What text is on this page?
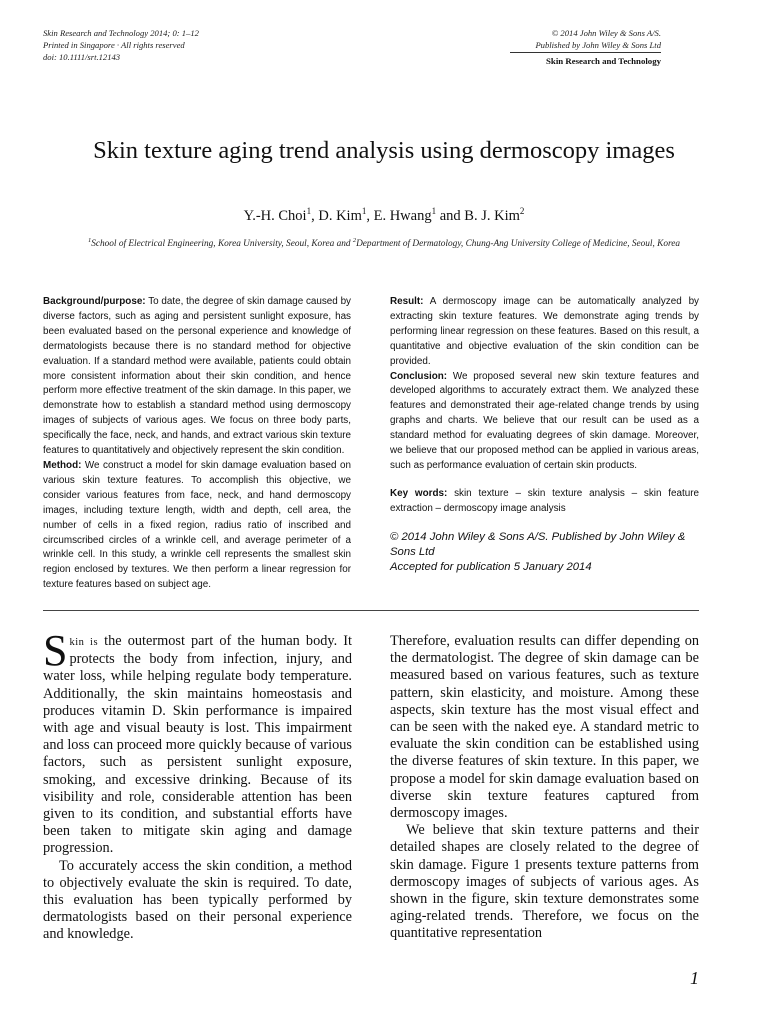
Skin Research and Technology 2014; 0: 1–12
Printed in Singapore · All rights reserved
doi: 10.1111/srt.12143
© 2014 John Wiley & Sons A/S.
Published by John Wiley & Sons Ltd
Skin Research and Technology
Skin texture aging trend analysis using dermoscopy images
Y.-H. Choi$^1$, D. Kim$^1$, E. Hwang$^1$ and B. J. Kim$^2$
$^1$School of Electrical Engineering, Korea University, Seoul, Korea and $^2$Department of Dermatology, Chung-Ang University College of Medicine, Seoul, Korea

Background/purpose: To date, the degree of skin damage caused by diverse factors, such as aging and persistent sunlight exposure, has been evaluated based on the personal experience and knowledge of dermatologists because there is no standard method for objective evaluation. If a standard method were available, patients could obtain more consistent information about their skin condition, and hence perform more effective treatment of the skin damage. In this paper, we demonstrate how to establish a standard method using dermoscopy images of subjects of various ages. We focus on three body parts, specifically the face, neck, and hands, and extract various skin texture features to quantitatively and objectively represent the skin condition.

Method: We construct a model for skin damage evaluation based on various skin texture features. To accomplish this objective, we consider various features from face, neck, and hand dermoscopy images, including texture length, width and depth, cell area, the number of cells in a fixed region, radius ratio of inscribed and circumscribed circles of a wrinkle cell, and average perimeter of a wrinkle cell. In this study, a wrinkle cell represents the smallest skin region enclosed by textures. We then perform a linear regression for texture features based on subject age.

Result: A dermoscopy image can be automatically analyzed by extracting skin texture features. We demonstrate aging trends by performing linear regression on these features. Based on this result, a quantitative and objective evaluation of the skin condition can be provided.

Conclusion: We proposed several new skin texture features and developed algorithms to accurately extract them. We analyzed these features and demonstrated their age-related change trends by using graphs and charts. We believe that our result can be used as a standard method for evaluating degrees of skin damage. Moreover, we believe that our proposed method can be applied in various areas, such as performance evaluation of certain skin products.

Key words: skin texture – skin texture analysis – skin feature extraction – dermoscopy image analysis

© 2014 John Wiley & Sons A/S. Published by John Wiley & Sons Ltd
Accepted for publication 5 January 2014

Skin is the outermost part of the human body. It protects the body from infection, injury, and water loss, while helping regulate body temperature. Additionally, the skin maintains homeostasis and produces vitamin D. Skin performance is impaired with age and visual beauty is lost. This impairment and loss can proceed more quickly because of various factors, such as persistent sunlight exposure, smoking, and excessive drinking. Because of its visibility and role, considerable attention has been given to its condition, and substantial efforts have been taken to mitigate skin aging and damage progression.

To accurately access the skin condition, a method to objectively evaluate the skin is required. To date, this evaluation has been typically performed by dermatologists based on their personal experience and knowledge.

Therefore, evaluation results can differ depending on the dermatologist. The degree of skin damage can be measured based on various features, such as texture pattern, skin elasticity, and moisture. Among these aspects, skin texture has the most visual effect and can be seen with the naked eye. A standard metric to evaluate the skin condition can be established using the diverse features of skin texture. In this paper, we propose a model for skin damage evaluation based on diverse skin texture features captured from dermoscopy images.

We believe that skin texture patterns and their detailed shapes are closely related to the degree of skin damage. Figure 1 presents texture patterns from dermoscopy images of subjects of various ages. As shown in the figure, skin texture demonstrates some aging-related trends. Therefore, we focus on the quantitative representation

1
